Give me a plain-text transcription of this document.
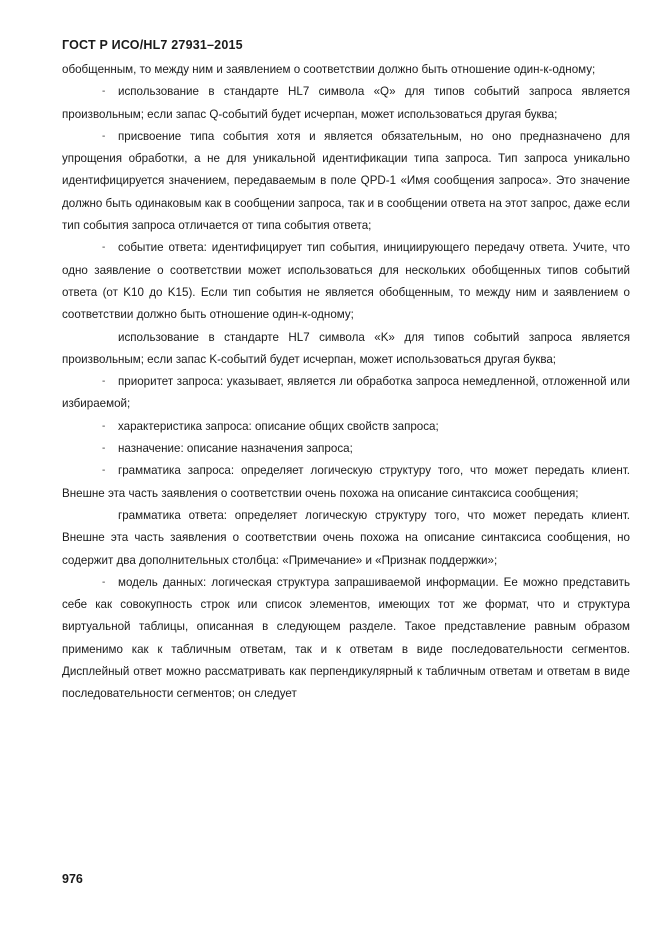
ГОСТ Р ИСО/HL7 27931–2015

обобщенным, то между ним и заявлением о соответствии должно быть отношение один-к-одному;

- использование в стандарте HL7 символа «Q» для типов событий запроса является произвольным; если запас Q-событий будет исчерпан, может использоваться другая буква;

- присвоение типа события хотя и является обязательным, но оно предназначено для упрощения обработки, а не для уникальной идентификации типа запроса. Тип запроса уникально идентифицируется значением, передаваемым в поле QPD-1 «Имя сообщения запроса». Это значение должно быть одинаковым как в сообщении запроса, так и в сообщении ответа на этот запрос, даже если тип события запроса отличается от типа события ответа;

- событие ответа: идентифицирует тип события, инициирующего передачу ответа. Учите, что одно заявление о соответствии может использоваться для нескольких обобщенных типов событий ответа (от K10 до K15). Если тип события не является обобщенным, то между ним и заявлением о соответствии должно быть отношение один-к-одному;

использование в стандарте HL7 символа «K» для типов событий запроса является произвольным; если запас K-событий будет исчерпан, может использоваться другая буква;

- приоритет запроса: указывает, является ли обработка запроса немедленной, отложенной или избираемой;

- характеристика запроса: описание общих свойств запроса;

- назначение: описание назначения запроса;

- грамматика запроса: определяет логическую структуру того, что может передать клиент. Внешне эта часть заявления о соответствии очень похожа на описание синтаксиса сообщения;

грамматика ответа: определяет логическую структуру того, что может передать клиент. Внешне эта часть заявления о соответствии очень похожа на описание синтаксиса сообщения, но содержит два дополнительных столбца: «Примечание» и «Признак поддержки»;

- модель данных: логическая структура запрашиваемой информации. Ее можно представить себе как совокупность строк или список элементов, имеющих тот же формат, что и структура виртуальной таблицы, описанная в следующем разделе. Такое представление равным образом применимо как к табличным ответам, так и к ответам в виде последовательности сегментов. Дисплейный ответ можно рассматривать как перпендикулярный к табличным ответам и ответам в виде последовательности сегментов; он следует

976
